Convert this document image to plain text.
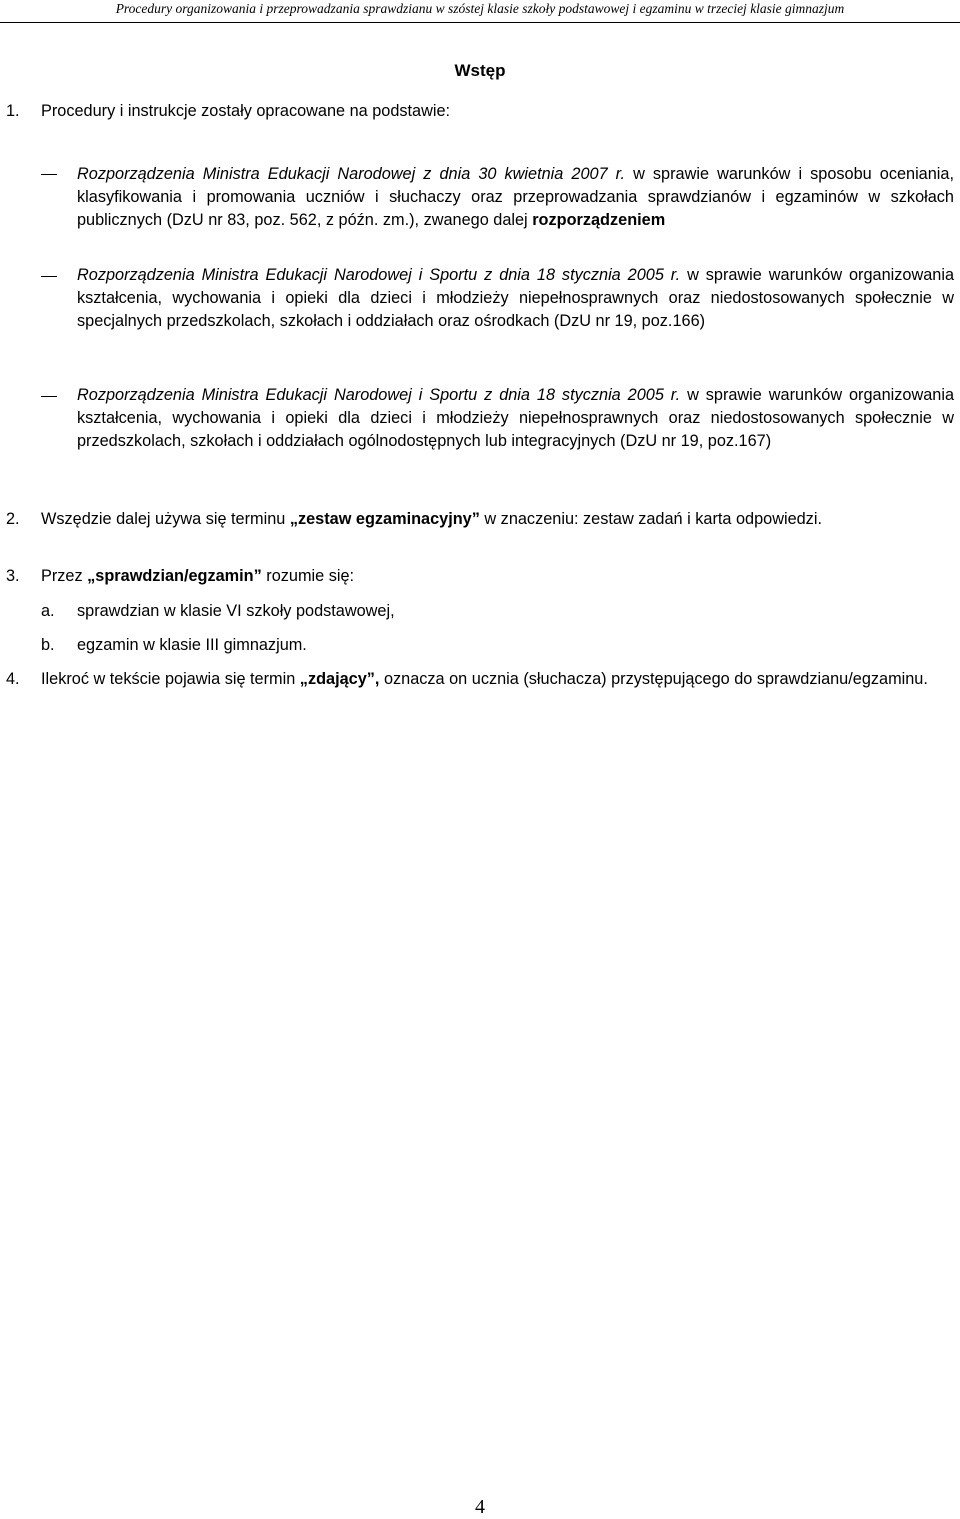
Procedury organizowania i przeprowadzania sprawdzianu w szóstej klasie szkoły podstawowej i egzaminu w trzeciej klasie gimnazjum
Wstęp
1. Procedury i instrukcje zostały opracowane na podstawie:
Rozporządzenia Ministra Edukacji Narodowej z dnia 30 kwietnia 2007 r. w sprawie warunków i sposobu oceniania, klasyfikowania i promowania uczniów i słuchaczy oraz przeprowadzania sprawdzianów i egzaminów w szkołach publicznych (DzU nr 83, poz. 562, z późn. zm.), zwanego dalej rozporządzeniem
Rozporządzenia Ministra Edukacji Narodowej i Sportu z dnia 18 stycznia 2005 r. w sprawie warunków organizowania kształcenia, wychowania i opieki dla dzieci i młodzieży niepełnosprawnych oraz niedostosowanych społecznie w specjalnych przedszkolach, szkołach i oddziałach oraz ośrodkach (DzU nr 19, poz.166)
Rozporządzenia Ministra Edukacji Narodowej i Sportu z dnia 18 stycznia 2005 r. w sprawie warunków organizowania kształcenia, wychowania i opieki dla dzieci i młodzieży niepełnosprawnych oraz niedostosowanych społecznie w przedszkolach, szkołach i oddziałach ogólnodostępnych lub integracyjnych (DzU nr 19, poz.167)
2. Wszędzie dalej używa się terminu „zestaw egzaminacyjny” w znaczeniu: zestaw zadań i karta odpowiedzi.
3. Przez „sprawdzian/egzamin” rozumie się:
a. sprawdzian w klasie VI szkoły podstawowej,
b. egzamin w klasie III gimnazjum.
4. Ilekroć w tekście pojawia się termin „zdający”, oznacza on ucznia (słuchacza) przystępującego do sprawdzianu/egzaminu.
4
